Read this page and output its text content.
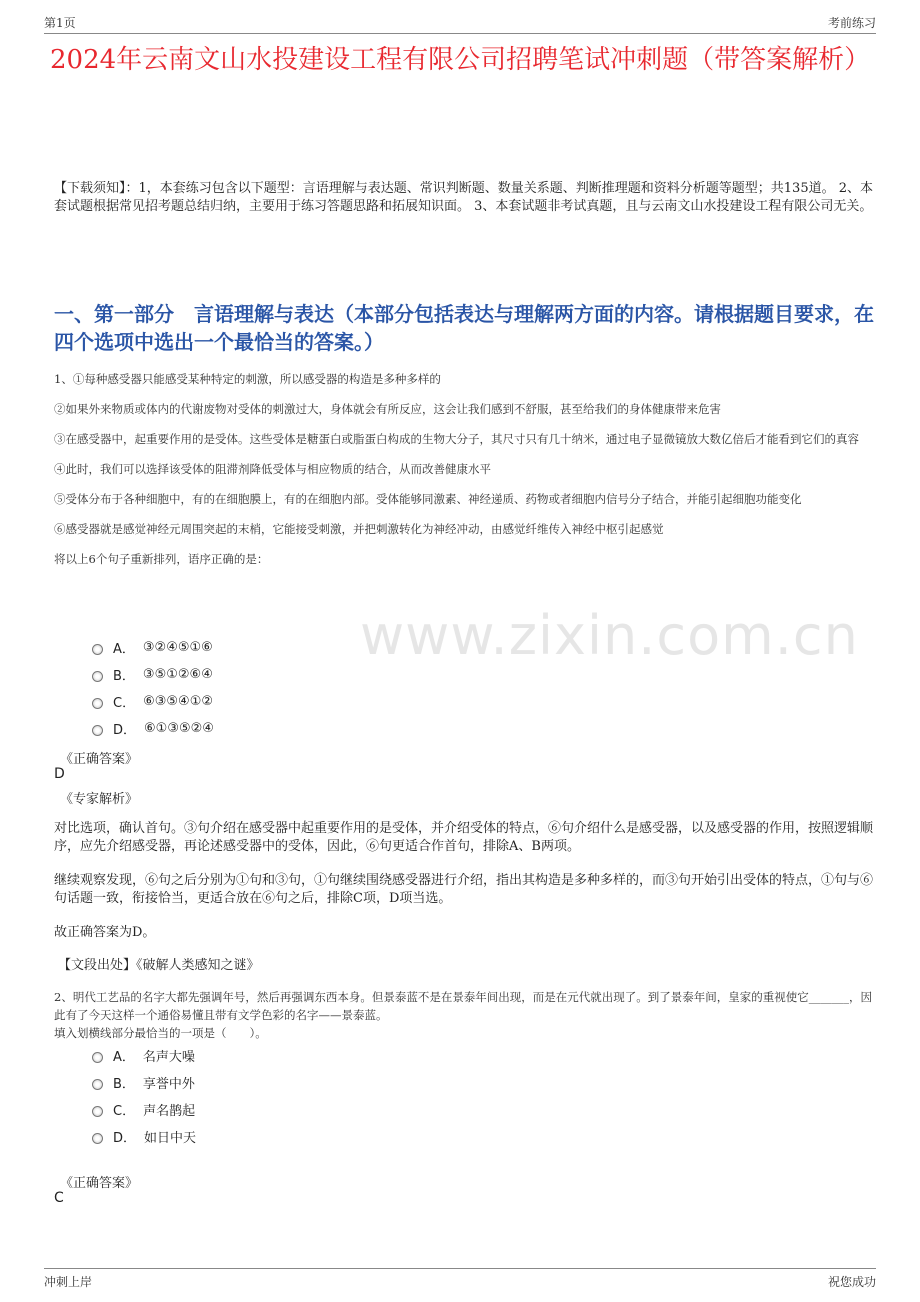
第1页	考前练习
2024年云南文山水投建设工程有限公司招聘笔试冲刺题（带答案解析）
【下载须知】：1，本套练习包含以下题型：言语理解与表达题、常识判断题、数量关系题、判断推理题和资料分析题等题型；共135道。 2、本套试题根据常见招考题总结归纳，主要用于练习答题思路和拓展知识面。 3、本套试题非考试真题，且与云南文山水投建设工程有限公司无关。
一、第一部分　言语理解与表达（本部分包括表达与理解两方面的内容。请根据题目要求，在四个选项中选出一个最恰当的答案。）

1、①每种感受器只能感受某种特定的刺激，所以感受器的构造是多种多样的

②如果外来物质或体内的代谢废物对受体的刺激过大，身体就会有所反应，这会让我们感到不舒服，甚至给我们的身体健康带来危害

③在感受器中，起重要作用的是受体。这些受体是糖蛋白或脂蛋白构成的生物大分子，其尺寸只有几十纳米，通过电子显微镜放大数亿倍后才能看到它们的真容

④此时，我们可以选择该受体的阻滞剂降低受体与相应物质的结合，从而改善健康水平

⑤受体分布于各种细胞中，有的在细胞膜上，有的在细胞内部。受体能够同激素、神经递质、药物或者细胞内信号分子结合，并能引起细胞功能变化

⑥感受器就是感觉神经元周围突起的末梢，它能接受刺激，并把刺激转化为神经冲动，由感觉纤维传入神经中枢引起感觉

将以上6个句子重新排列，语序正确的是：

www.zixin.com.cn
A． ③②④⑤①⑥
B． ③⑤①②⑥④
C． ⑥③⑤④①②
D． ⑥①③⑤②④
《正确答案》
D
《专家解析》

对比选项，确认首句。③句介绍在感受器中起重要作用的是受体，并介绍受体的特点，⑥句介绍什么是感受器，以及感受器的作用，按照逻辑顺序，应先介绍感受器，再论述感受器中的受体，因此，⑥句更适合作首句，排除A、B两项。

继续观察发现，⑥句之后分别为①句和③句，①句继续围绕感受器进行介绍，指出其构造是多种多样的，而③句开始引出受体的特点，①句与⑥句话题一致，衔接恰当，更适合放在⑥句之后，排除C项，D项当选。

故正确答案为D。

【文段出处】《破解人类感知之谜》

2、明代工艺品的名字大都先强调年号，然后再强调东西本身。但景泰蓝不是在景泰年间出现，而是在元代就出现了。到了景泰年间，皇家的重视使它_______，因此有了今天这样一个通俗易懂且带有文学色彩的名字——景泰蓝。

填入划横线部分最恰当的一项是（　　）。

A． 名声大噪
B． 享誉中外
C． 声名鹊起
D． 如日中天
《正确答案》
C
冲刺上岸	祝您成功
